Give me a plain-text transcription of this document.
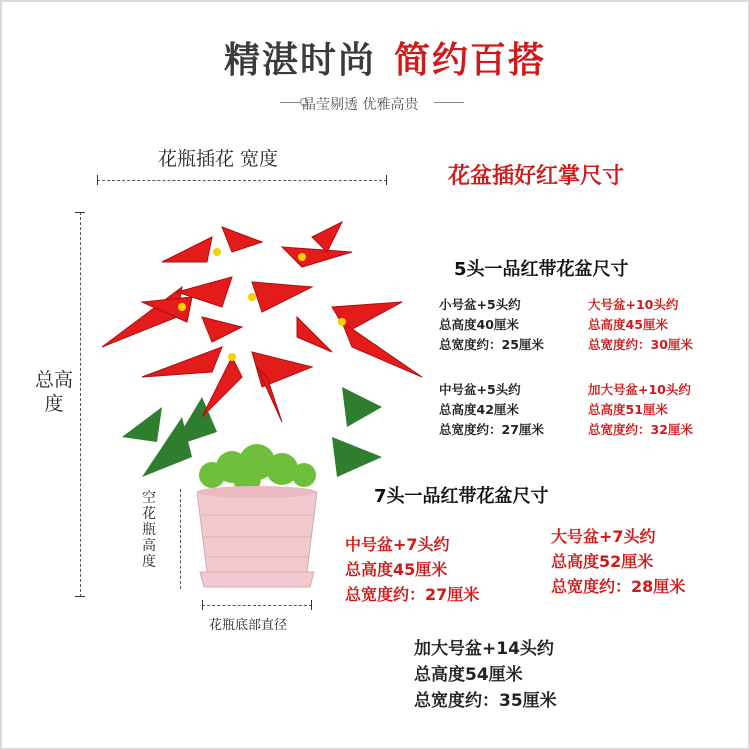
精湛时尚 简约百搭
晶莹剔透 优雅高贵
花瓶插花 宽度
总高度
空花瓶高度
花瓶底部直径
花盆插好红掌尺寸
5头一品红带花盆尺寸
小号盆+5头约
总高度40厘米
总宽度约：25厘米
大号盆+10头约
总高度45厘米
总宽度约：30厘米
中号盆+5头约
总高度42厘米
总宽度约：27厘米
加大号盆+10头约
总高度51厘米
总宽度约：32厘米
7头一品红带花盆尺寸
中号盆+7头约
总高度45厘米
总宽度约：27厘米
大号盆+7头约
总高度52厘米
总宽度约：28厘米
加大号盆+14头约
总高度54厘米
总宽度约：35厘米
